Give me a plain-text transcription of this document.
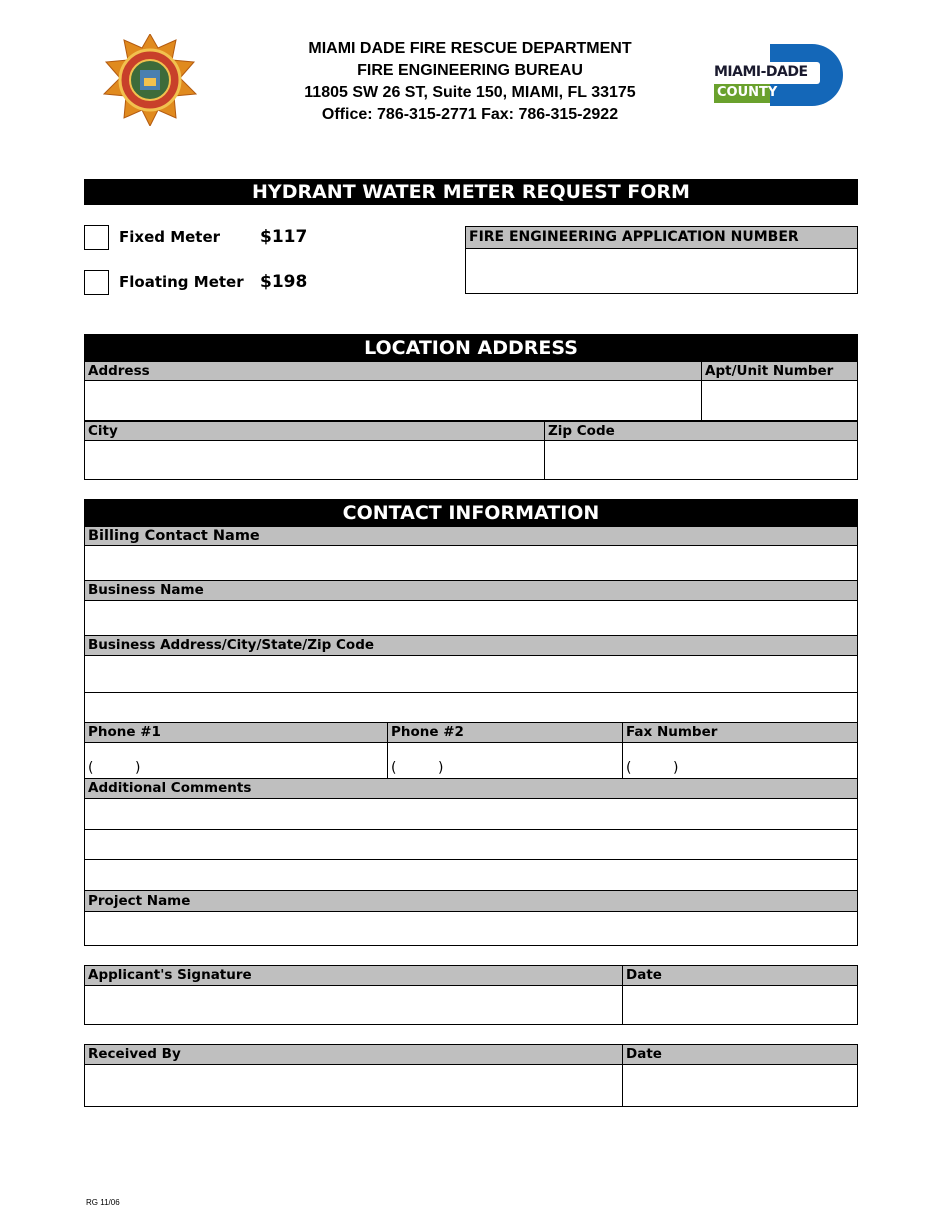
MIAMI DADE FIRE RESCUE DEPARTMENT
FIRE ENGINEERING BUREAU
11805 SW 26 ST, Suite 150, MIAMI, FL 33175
Office: 786-315-2771 Fax: 786-315-2922
MIAMI-DADE
COUNTY
HYDRANT WATER METER REQUEST FORM
Fixed Meter $117
Floating Meter $198
FIRE ENGINEERING APPLICATION NUMBER
LOCATION ADDRESS
Address	Apt/Unit Number
City	Zip Code
CONTACT INFORMATION
Billing Contact Name
Business Name
Business Address/City/State/Zip Code
Phone #1	Phone #2	Fax Number
(	)	(	)	(	)
Additional Comments
Project Name
Applicant's Signature	Date
Received By	Date
RG 11/06
